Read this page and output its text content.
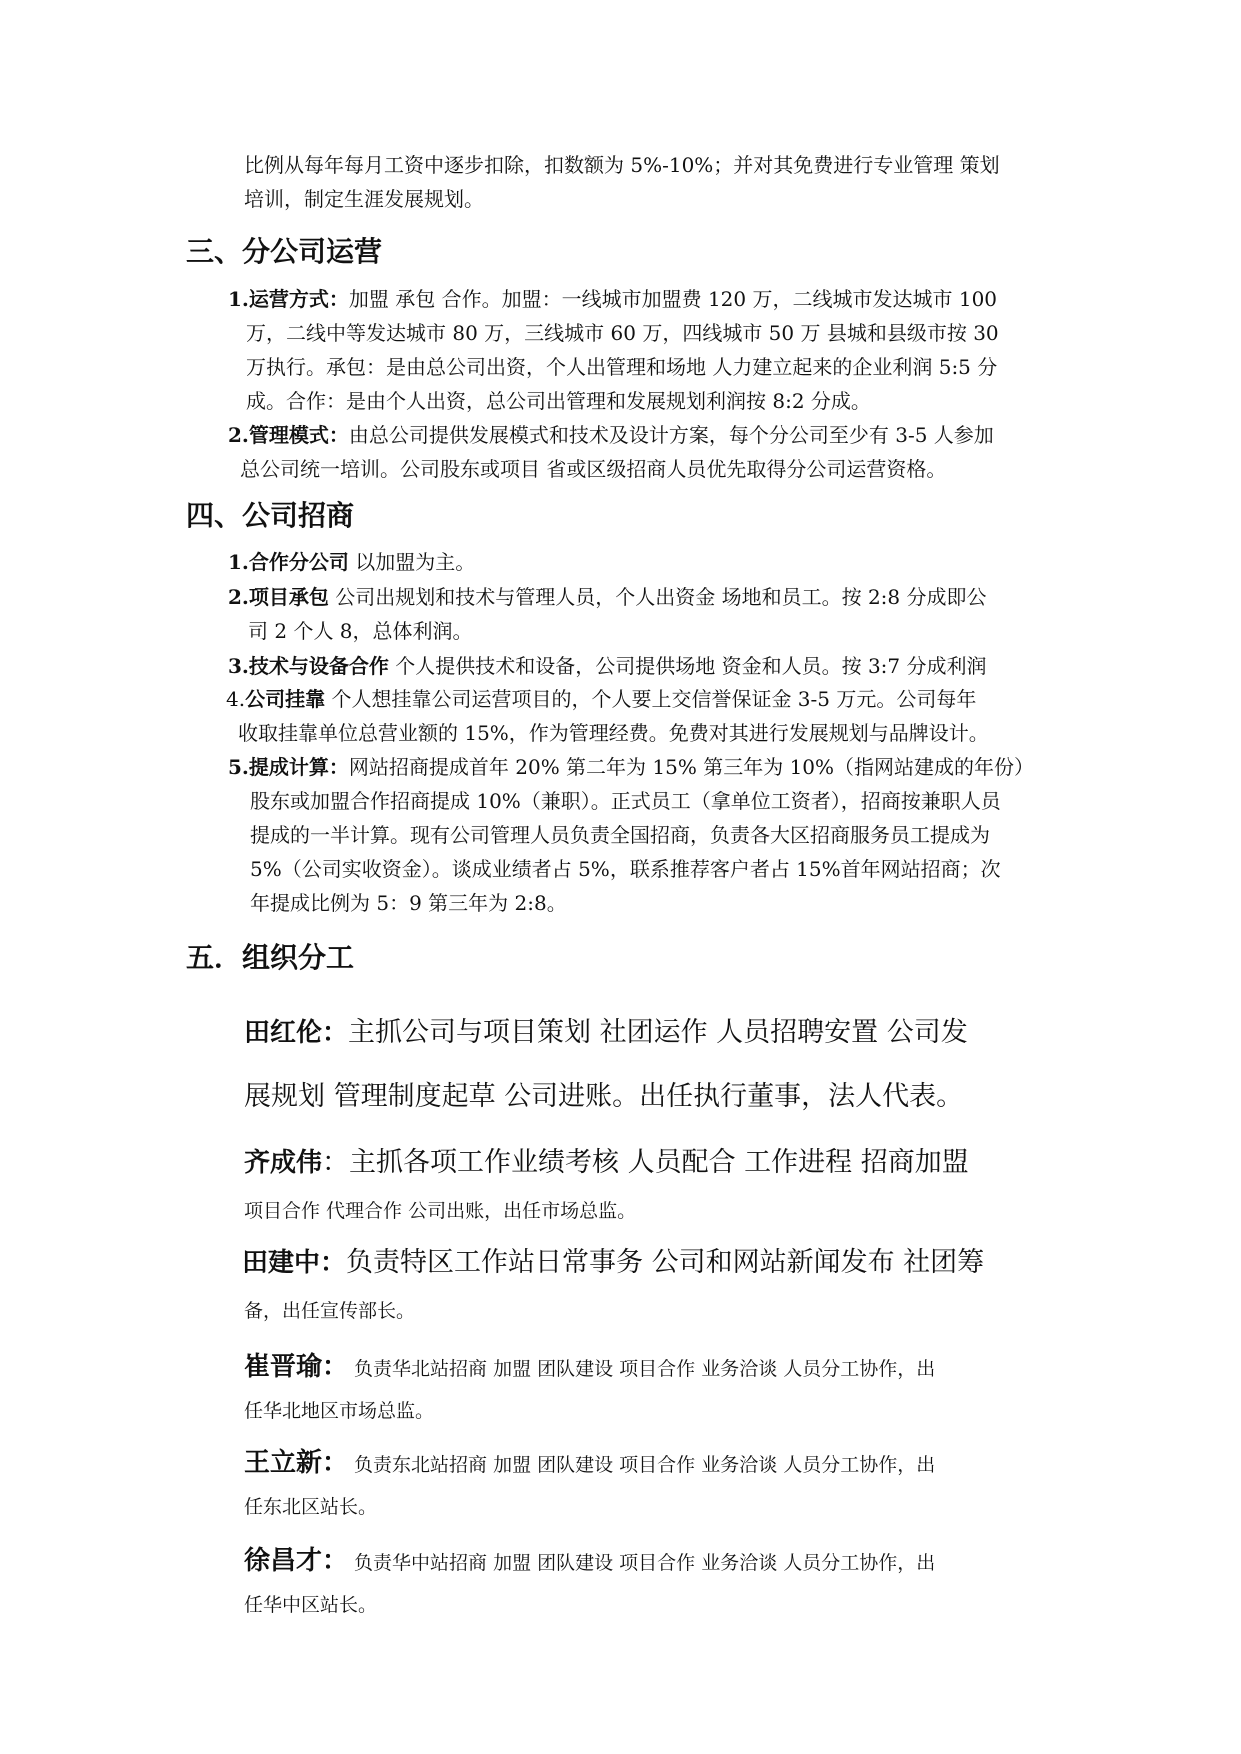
比例从每年每月工资中逐步扣除，扣数额为 5%-10%；并对其免费进行专业管理 策划
培训，制定生涯发展规划。
三、分公司运营
1.运营方式：加盟 承包 合作。加盟：一线城市加盟费 120 万，二线城市发达城市 100
万，二线中等发达城市 80 万，三线城市 60 万，四线城市 50 万 县城和县级市按 30
万执行。承包：是由总公司出资，个人出管理和场地 人力建立起来的企业利润 5:5 分
成。合作：是由个人出资，总公司出管理和发展规划利润按 8:2 分成。
2.管理模式：由总公司提供发展模式和技术及设计方案，每个分公司至少有 3-5 人参加
总公司统一培训。公司股东或项目 省或区级招商人员优先取得分公司运营资格。
四、公司招商
1.合作分公司 以加盟为主。
2.项目承包 公司出规划和技术与管理人员，个人出资金 场地和员工。按 2:8 分成即公
司 2 个人 8，总体利润。
3.技术与设备合作 个人提供技术和设备，公司提供场地 资金和人员。按 3:7 分成利润
4.公司挂靠 个人想挂靠公司运营项目的，个人要上交信誉保证金 3-5 万元。公司每年
收取挂靠单位总营业额的 15%，作为管理经费。免费对其进行发展规划与品牌设计。
5.提成计算：网站招商提成首年 20% 第二年为 15% 第三年为 10%（指网站建成的年份）
股东或加盟合作招商提成 10%（兼职）。正式员工（拿单位工资者），招商按兼职人员
提成的一半计算。现有公司管理人员负责全国招商，负责各大区招商服务员工提成为
5%（公司实收资金）。谈成业绩者占 5%，联系推荐客户者占 15%首年网站招商；次
年提成比例为 5：9 第三年为 2:8。
五．组织分工
田红伦：主抓公司与项目策划 社团运作 人员招聘安置 公司发
展规划 管理制度起草 公司进账。出任执行董事，法人代表。
齐成伟：主抓各项工作业绩考核 人员配合 工作进程 招商加盟
项目合作 代理合作 公司出账，出任市场总监。
田建中：负责特区工作站日常事务 公司和网站新闻发布 社团筹
备，出任宣传部长。
崔晋瑜： 负责华北站招商 加盟 团队建设 项目合作 业务洽谈 人员分工协作，出
任华北地区市场总监。
王立新： 负责东北站招商 加盟 团队建设 项目合作 业务洽谈 人员分工协作，出
任东北区站长。
徐昌才： 负责华中站招商 加盟 团队建设 项目合作 业务洽谈 人员分工协作，出
任华中区站长。
